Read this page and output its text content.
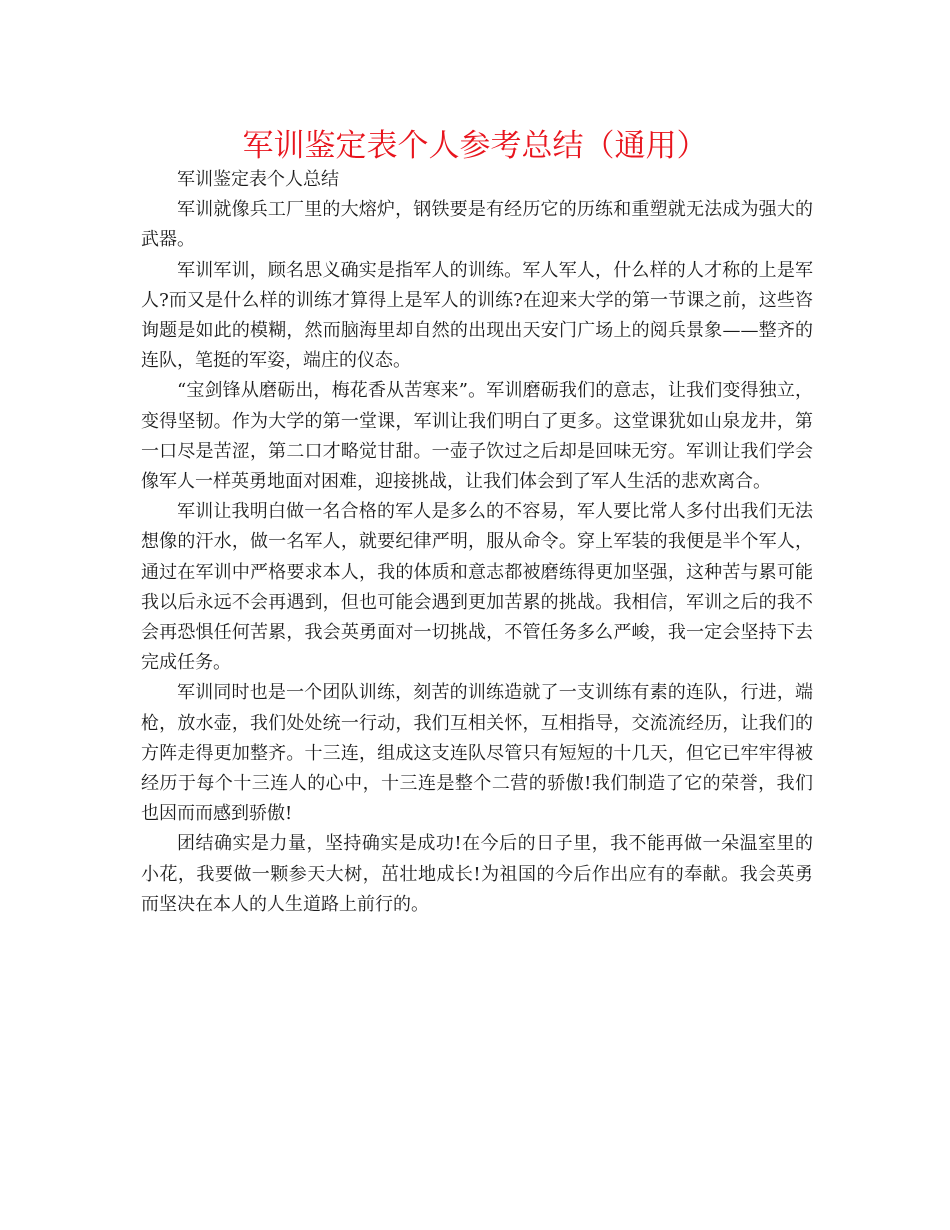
军训鉴定表个人参考总结（通用）

军训鉴定表个人总结

军训就像兵工厂里的大熔炉，钢铁要是有经历它的历练和重塑就无法成为强大的武器。

军训军训，顾名思义确实是指军人的训练。军人军人，什么样的人才称的上是军人?而又是什么样的训练才算得上是军人的训练?在迎来大学的第一节课之前，这些咨询题是如此的模糊，然而脑海里却自然的出现出天安门广场上的阅兵景象——整齐的连队，笔挺的军姿，端庄的仪态。

“宝剑锋从磨砺出，梅花香从苦寒来”。军训磨砺我们的意志，让我们变得独立，变得坚韧。作为大学的第一堂课，军训让我们明白了更多。这堂课犹如山泉龙井，第一口尽是苦涩，第二口才略觉甘甜。一壶子饮过之后却是回味无穷。军训让我们学会像军人一样英勇地面对困难，迎接挑战，让我们体会到了军人生活的悲欢离合。

军训让我明白做一名合格的军人是多么的不容易，军人要比常人多付出我们无法想像的汗水，做一名军人，就要纪律严明，服从命令。穿上军装的我便是半个军人，通过在军训中严格要求本人，我的体质和意志都被磨练得更加坚强，这种苦与累可能我以后永远不会再遇到，但也可能会遇到更加苦累的挑战。我相信，军训之后的我不会再恐惧任何苦累，我会英勇面对一切挑战，不管任务多么严峻，我一定会坚持下去完成任务。

军训同时也是一个团队训练，刻苦的训练造就了一支训练有素的连队，行进，端枪，放水壶，我们处处统一行动，我们互相关怀，互相指导，交流流经历，让我们的方阵走得更加整齐。十三连，组成这支连队尽管只有短短的十几天，但它已牢牢得被经历于每个十三连人的心中，十三连是整个二营的骄傲!我们制造了它的荣誉，我们也因而而感到骄傲!

团结确实是力量，坚持确实是成功!在今后的日子里，我不能再做一朵温室里的小花，我要做一颗参天大树，茁壮地成长!为祖国的今后作出应有的奉献。我会英勇而坚决在本人的人生道路上前行的。
